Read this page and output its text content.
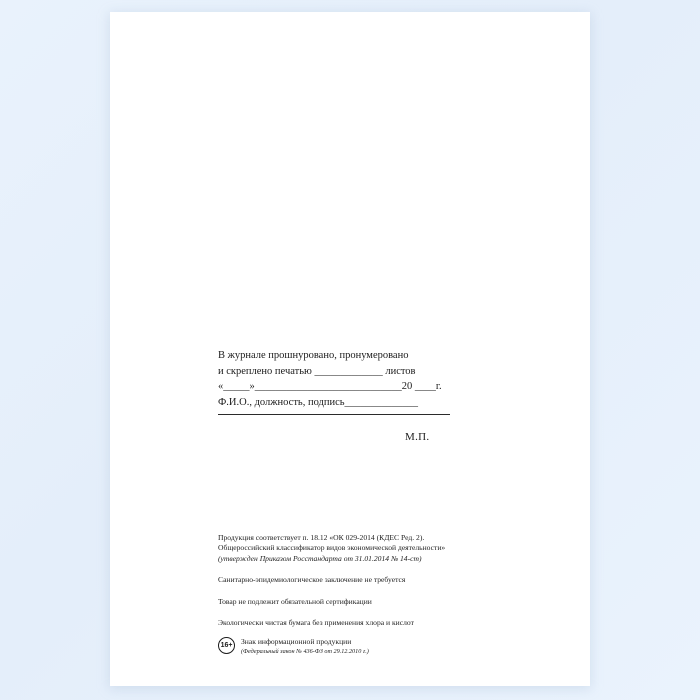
В журнале прошнуровано, пронумеровано
и скреплено печатью _____________ листов
«_____»____________________________20 ____г.
Ф.И.О., должность, подпись______________
М.П.

Продукция соответствует п. 18.12 «ОК 029-2014 (КДЕС Ред. 2).

Общероссийский классификатор видов экономической деятельности»

(утвержден Приказом Росстандарта от 31.01.2014 № 14-ст)

Санитарно-эпидемиологическое заключение не требуется

Товар не подлежит обязательной сертификации

Экологически чистая бумага без применения хлора и кислот

16+	Знак информационной продукции

(Федеральный закон № 436-ФЗ от 29.12.2010 г.)
